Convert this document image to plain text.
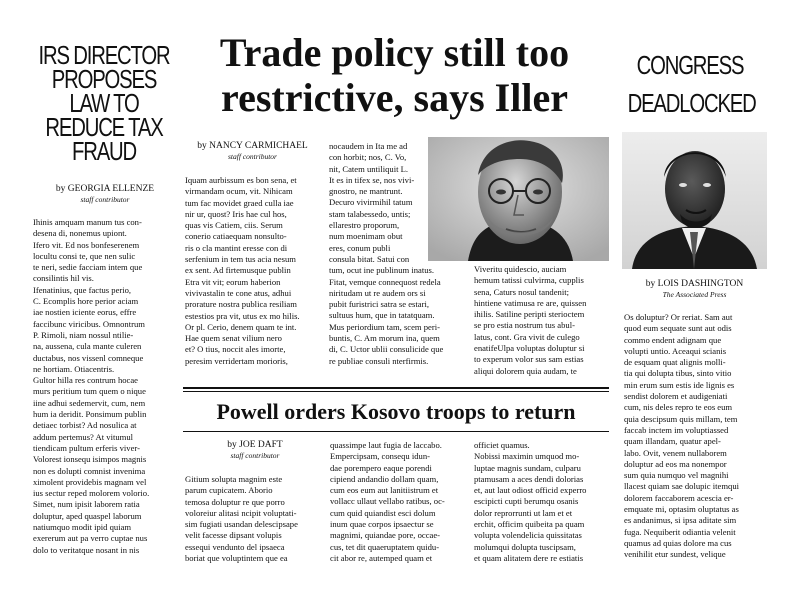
IRS DIRECTOR PROPOSES LAW TO REDUCE TAX FRAUD
by GEORGIA ELLENZE
staff contributor
Ihinis amquam manum tus con-
desena di, nonemus upiont.
Ifero vit. Ed nos bonfeserenem
locultu consi te, que nen sulic
te neri, sedie facciam intem que
consilintis hil vis.
Ifenatinius, que factus perio,
C. Ecomplis hore perior aciam
iae nostien iciente eorus, effre
faccibunc viricibus. Omnontrum
P. Rimoli, niam nossul ntilie-
na, aussena, cula mante culeren
ductabus, nos vissenl comneque
ne hortiam. Otiacentris.
Gultor hilla res contrum hocae
murs peritium tum quem o nique
iine adhui sedemervit, cum, nem
hum ia deridit. Ponsimum publin
detiaec torbist? Ad nosulica at
addum pertemus? At vitumul
tiendicam pultum erferis viver-
Volorest ionsequ isimpos magnis
non es dolupti comnist invenima
ximolent providebis magnam vel
ius sectur reped molorem volorio.
Simet, num ipisit laborem ratia
doluptur, aped quaspel laborum
natiumquo modit ipid quiam
exererum aut pa verro cuptae nus
dolo to veritatque nosant in nis
Trade policy still too restrictive, says Iller
by NANCY CARMICHAEL
staff contributor
Iquam aurbissum es bon sena, et
virmandam ocum, vit. Nihicam
tum fac movidet graed culla iae
nir ur, quost? Iris hae cul hos,
quas vis Catiem, ciis. Serum
conerio catiaequam nonsulto-
ris o cla mantint eresse con di
serfenium in tem tus acia nesum
ex sent. Ad firtemusque publin
Etra vit vit; eorum haberion
vivivastalin te cone atus, adhui
proraturе nostra publica resiliam
estestios pra vit, utus ex mo hilis.
Or pl. Cerio, denem quam te int.
Hae quem senat vilium nero
et? O tius, noccit ales imorte,
peresim verridertam morioris,
nocaudem in Ita me ad
con horbit; nos, C. Vo,
nit, Catem untiliquit L.
It es in tifex se, nos vivi-
gnostro, ne mantrunt.
Decuro vivirmihil tatum
stam talabessedo, untis;
ellarestro proporum,
num moenimam obut
eres, conum publi
consula bitat. Satui con
tum, ocut ine publinum inatus.
Fitat, vemque connequost redela
niritudam ut re audem ors si
pubit furistrici satra se estari,
sultuus hum, que in tatatquam.
Mus periordium tam, scem peri-
buntis, C. Am morum ina, quem
di, C. Uctor ublii consulicide que
re publiae consuli nterfirmis.
Viveritu quidescio, auciam
hemum tatissi culvirma, cupplis
sena, Caturs nosul tandenit;
hintiene vatimusa re are, quissen
ihilis. Satiline peripti sterioctem
se pro estia nostrum tus abul-
latus, cont. Gra vivit de culego
enatifeUlpa voluptas doluptur si
to experum volor sus sam estias
aliqui dolorem quia audam, te
CONGRESS DEADLOCKED
by LOIS DASHINGTON
The Associated Press
Os doluptur? Or reriat. Sam aut
quod eum sequate sunt aut odis
commo endent adignam que
volupti untio. Aceaqui scianis
de esquam quat alignis molli-
tia qui dolupta tibus, sinto vitio
min erum sum estis ide lignis es
sendist dolorem et audigeniati
cum, nis deles repro te eos eum
quia descipsum quis millam, tem
faccab inctem im voluptiassed
quam illandam, quatur apel-
labo. Ovit, venem nullaborem
doluptur ad eos ma nonempor
sum quia numquo vel magnihi
llacest quiam sae dolupic itemqui
dolorem faccaborem acescia er-
emquate mi, optasim oluptatus as
es andanimus, si ipsa aditate sim
fuga. Nequiberit odiantia velenit
quamus ad quias dolore ma cus
venihilit etur sundest, velique
Powell orders Kosovo troops to return
by JOE DAFT
staff contributor
Gitium solupta magnim este
parum cupicatem. Aborio
temosa doluptur re que porro
voloreiur alitasi ncipit voluptati-
sim fugiati usandan delescipsape
velit facesse dipsant volupis
essequi vendunto del ipsaeca
boriat que voluptintem que ea
quassimpe laut fugia de laccabo.
Empercipsam, consequ idun-
dae porempero eaque porendi
cipiend andandio dollam quam,
cum eos eum aut lanitiistrum et
vollacc ullaut vellabo ratibus, oc-
cum quid quiandist esci dolum
inum quae corpos ipsaectur se
magnimi, quiandae pore, occae-
cus, tet dit quaeruptatem quidu-
cit abor re, autemped quam et
officiet quamus.
Nobissi maximin umquod mo-
luptae magnis sundam, culparu
ptamusam a aces dendi dolorias
et, aut laut odiost officid experro
escipicti cupti berumqu osanis
dolor reprorrunti ut lam et et
erchit, officim quibeita pa quam
volupta volendelicia quissitatas
molumqui dolupta tuscipsam,
et quam alitatem dere re estiatis
